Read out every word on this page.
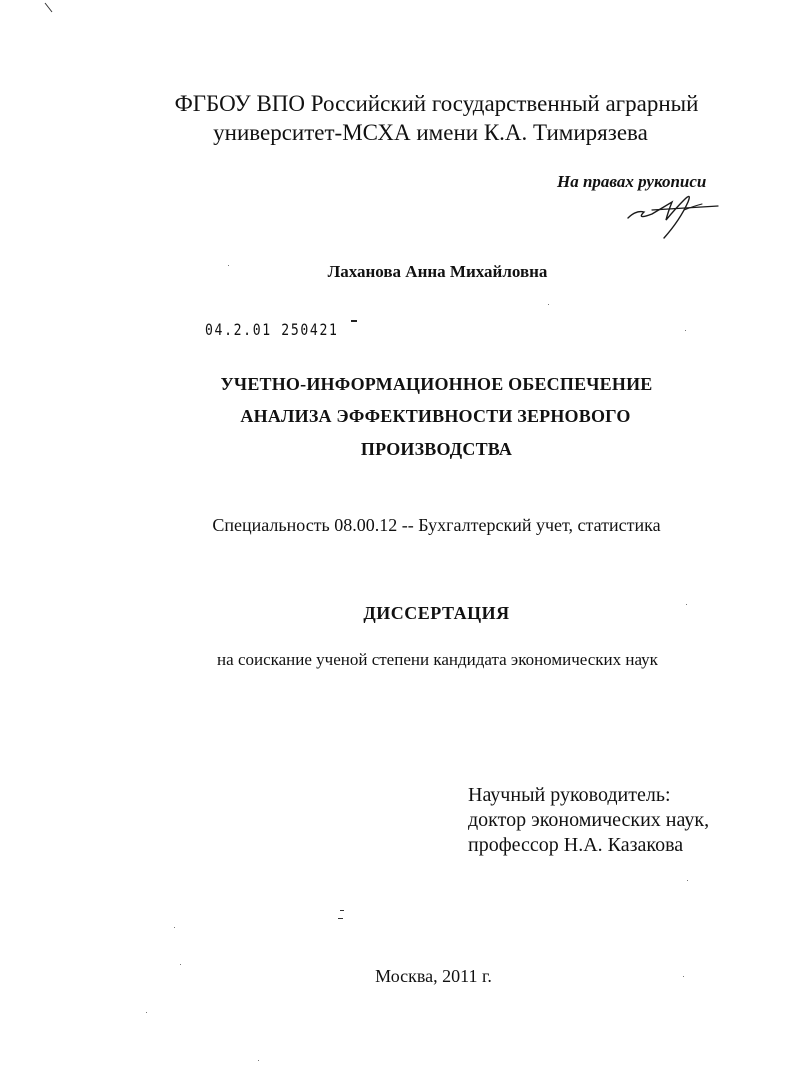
ФГБОУ ВПО Российский государственный аграрный
университет-МСХА имени К.А. Тимирязева
На правах рукописи
Лаханова Анна Михайловна
04.2.01 250421
УЧЕТНО-ИНФОРМАЦИОННОЕ ОБЕСПЕЧЕНИЕ
АНАЛИЗА ЭФФЕКТИВНОСТИ ЗЕРНОВОГО
ПРОИЗВОДСТВА
Специальность 08.00.12 -- Бухгалтерский учет, статистика
ДИССЕРТАЦИЯ
на соискание ученой степени кандидата экономических наук
Научный руководитель:
доктор экономических наук,
профессор Н.А. Казакова
Москва, 2011 г.
